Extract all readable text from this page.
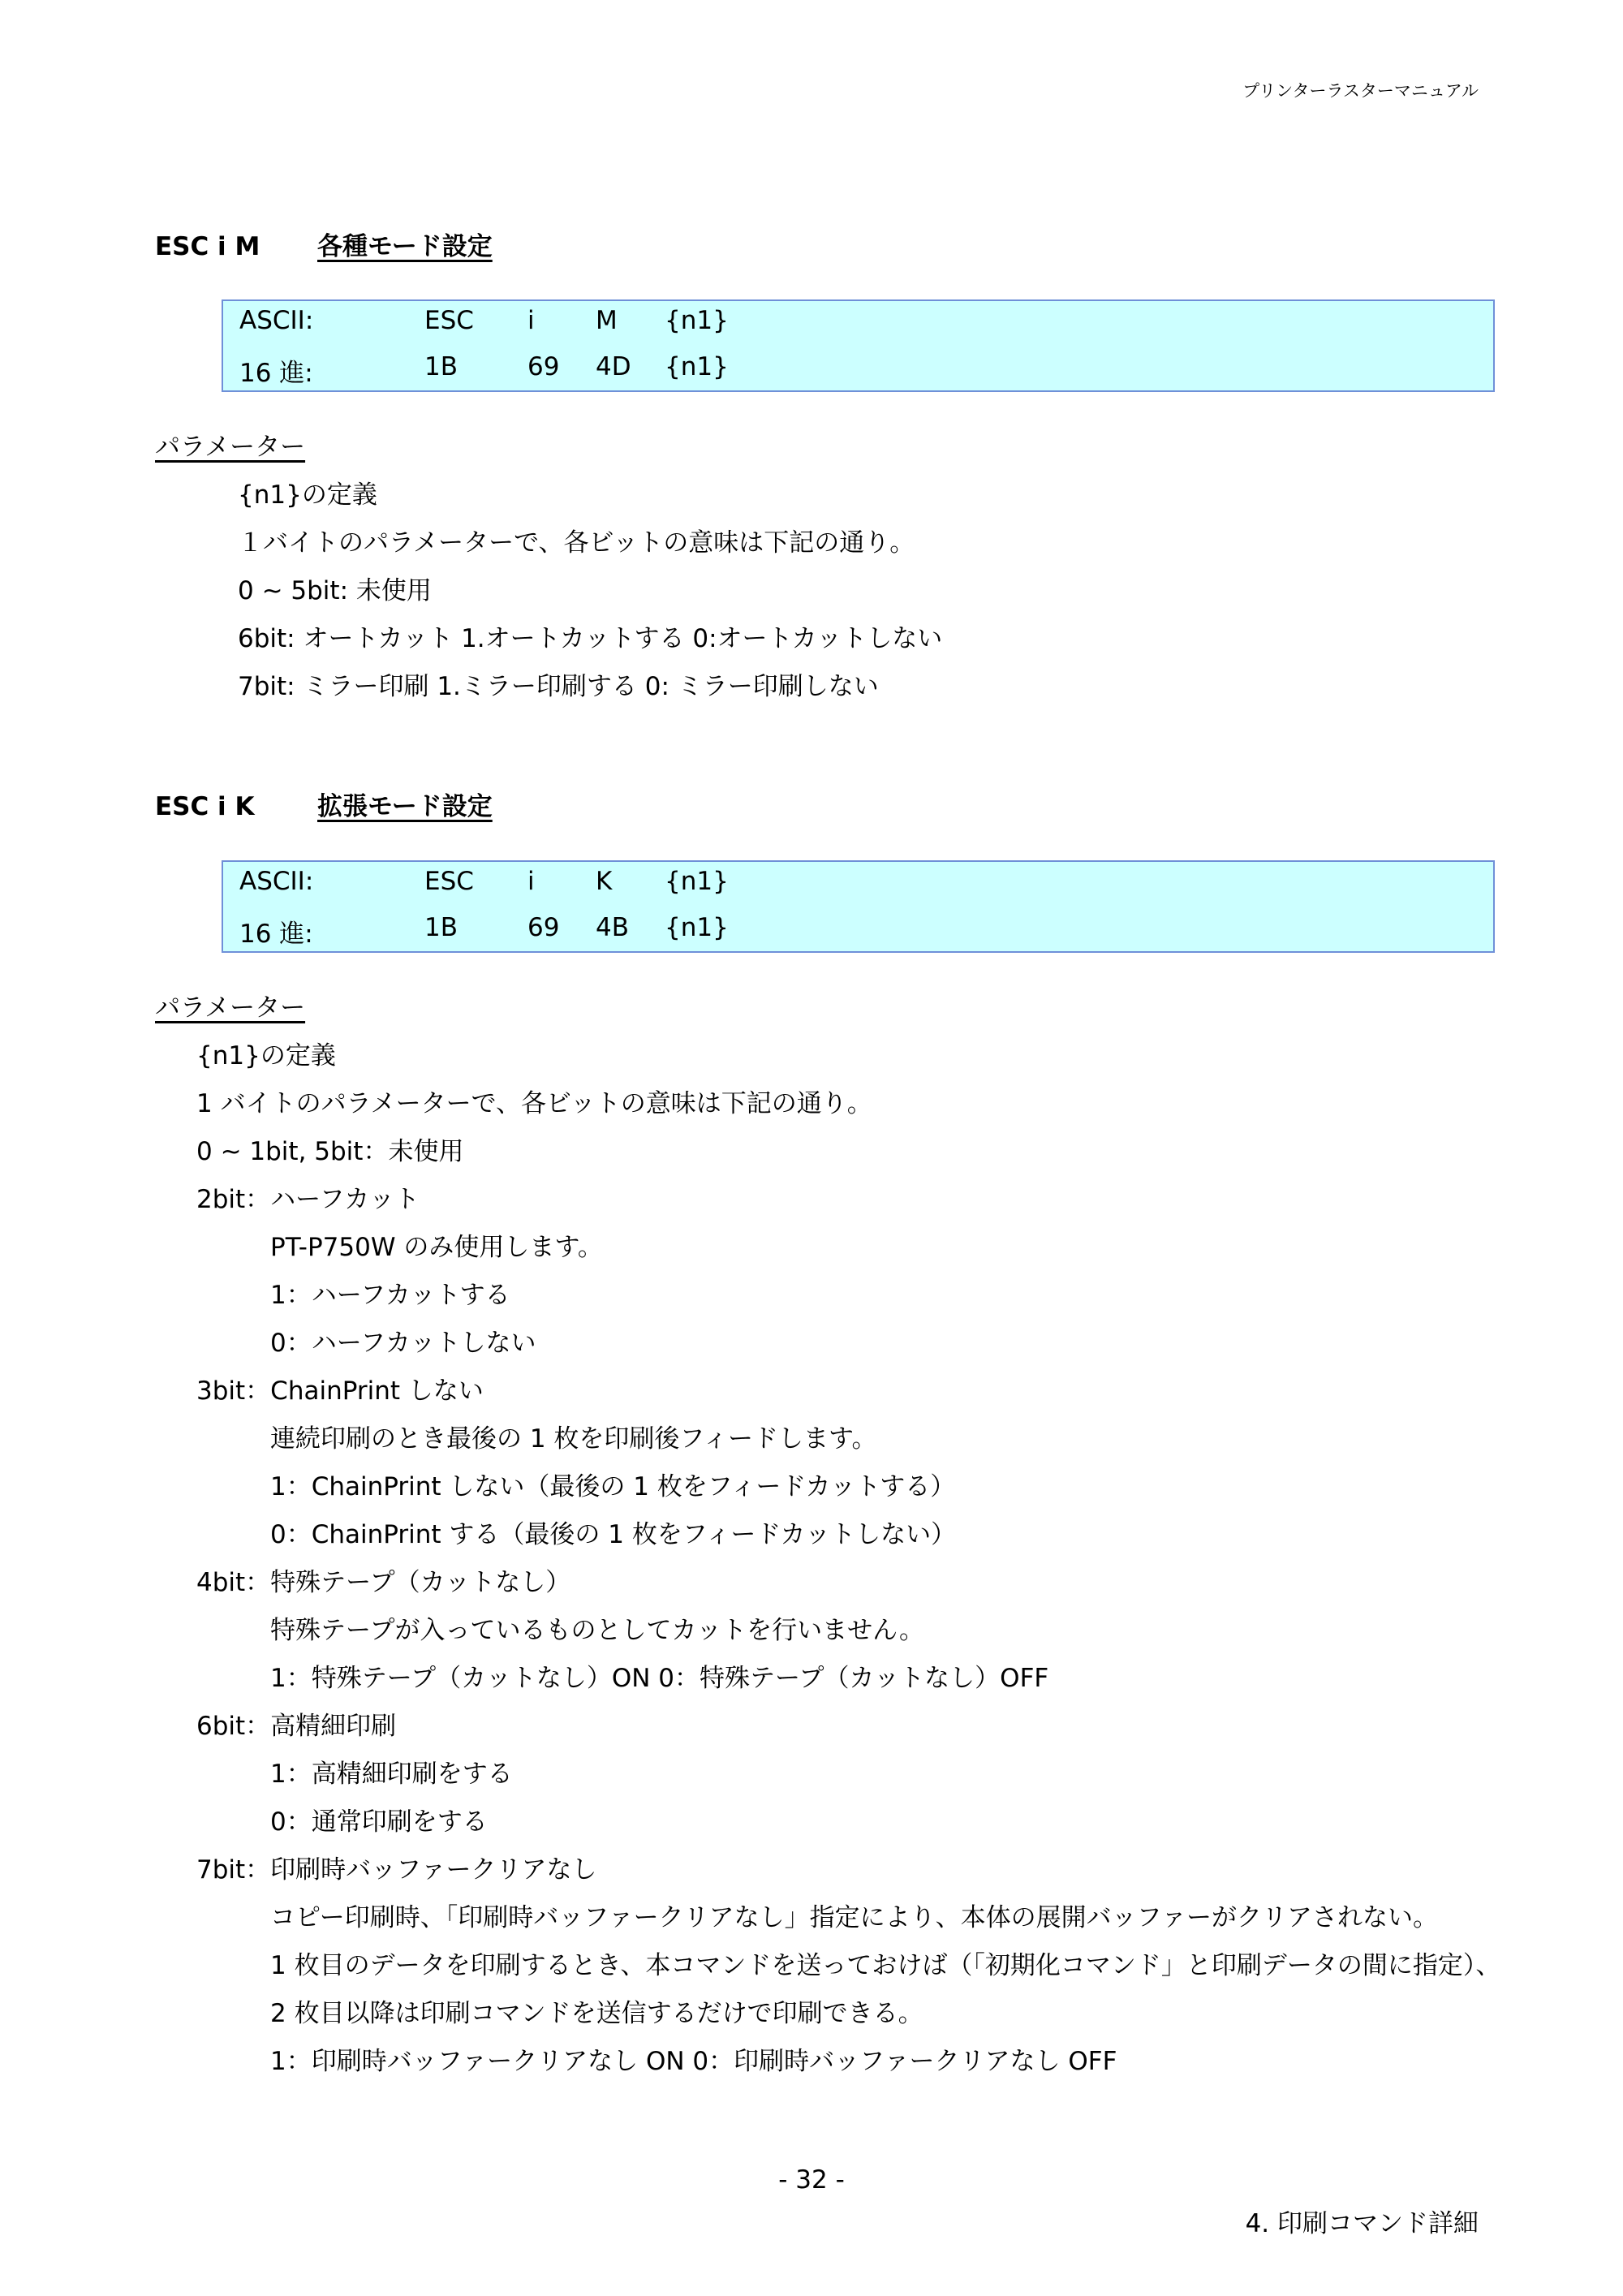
プリンターラスターマニュアル
ESC i M 各種モード設定
ASCII:	ESC i M {n1}
16 進:	1B	69 4D {n1}
パラメーター
{n1}の定義
１バイトのパラメーターで、各ビットの意味は下記の通り。
0 ~ 5bit: 未使用
6bit: オートカット 1.オートカットする 0:オートカットしない
7bit: ミラー印刷 1.ミラー印刷する 0: ミラー印刷しない
ESC i K	拡張モード設定
ASCII:	ESC i K {n1}
16 進:	1B	69 4B {n1}
パラメーター
{n1}の定義
1 バイトのパラメーターで、各ビットの意味は下記の通り。
0 ~ 1bit, 5bit：未使用
2bit：ハーフカット
PT-P750W のみ使用します。
1：ハーフカットする
0：ハーフカットしない
3bit：ChainPrint しない
連続印刷のとき最後の 1 枚を印刷後フィードします。
1：ChainPrint しない（最後の 1 枚をフィードカットする）
0：ChainPrint する（最後の 1 枚をフィードカットしない）
4bit：特殊テープ（カットなし）
特殊テープが入っているものとしてカットを行いません。
1：特殊テープ（カットなし）ON 0：特殊テープ（カットなし）OFF
6bit：高精細印刷
1：高精細印刷をする
0：通常印刷をする
7bit：印刷時バッファークリアなし
コピー印刷時、「印刷時バッファークリアなし」指定により、本体の展開バッファーがクリアされない。
1 枚目のデータを印刷するとき、本コマンドを送っておけば（「初期化コマンド」と印刷データの間に指定）、
2 枚目以降は印刷コマンドを送信するだけで印刷できる。
1：印刷時バッファークリアなし ON 0：印刷時バッファークリアなし OFF
- 32 -
4. 印刷コマンド詳細
